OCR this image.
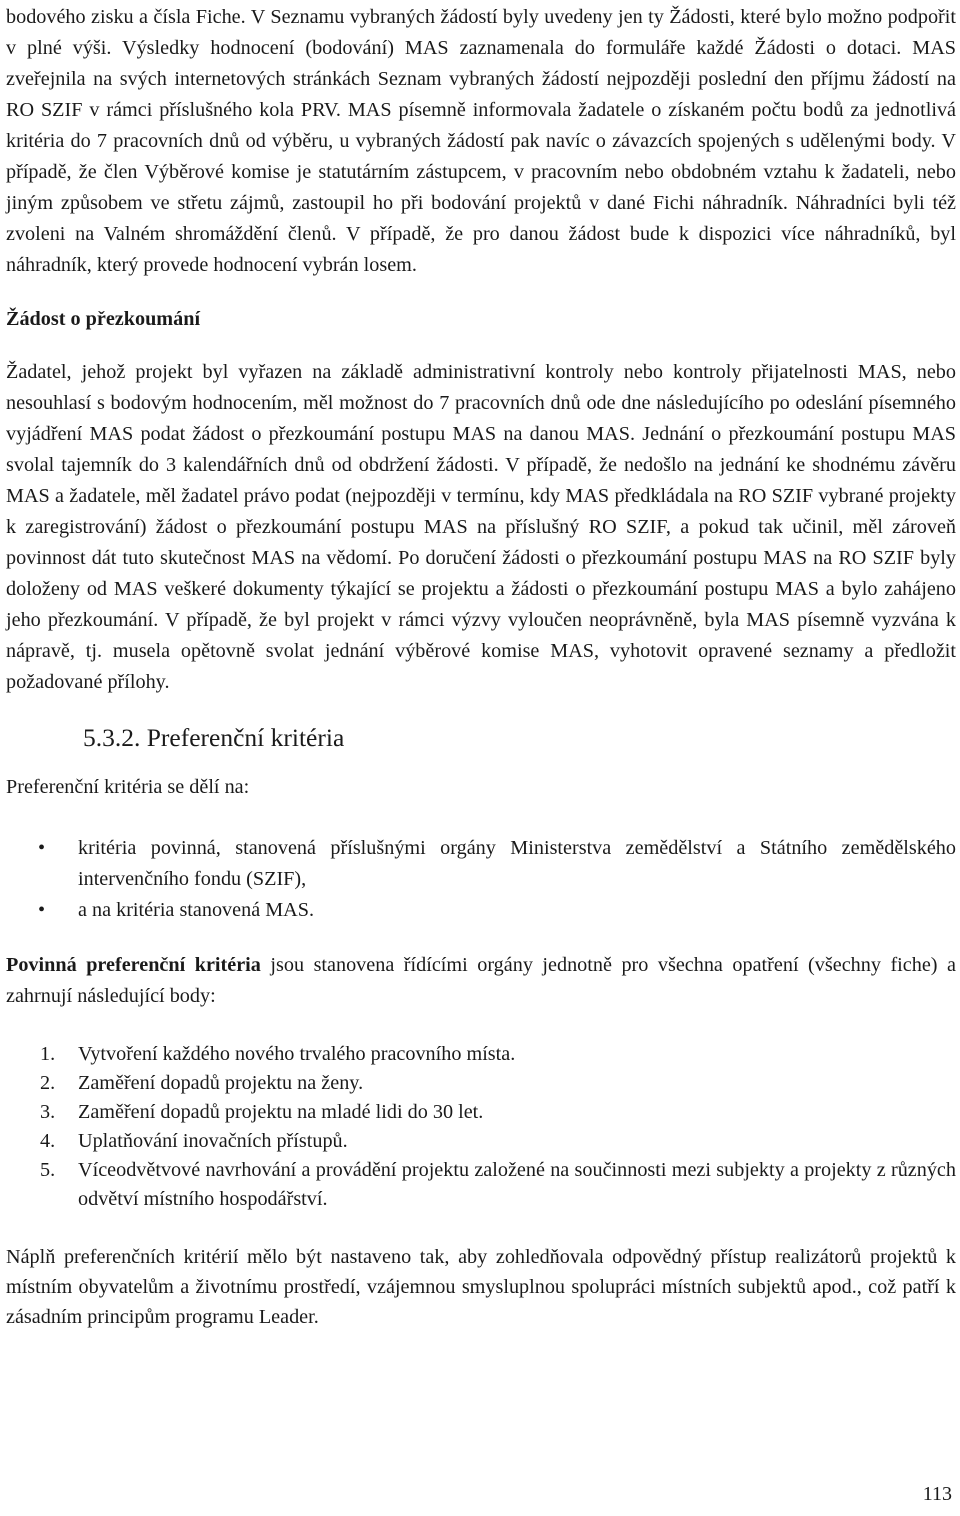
bodového zisku a čísla Fiche. V Seznamu vybraných žádostí byly uvedeny jen ty Žádosti, které bylo možno podpořit v plné výši. Výsledky hodnocení (bodování) MAS zaznamenala do formuláře každé Žádosti o dotaci. MAS zveřejnila na svých internetových stránkách Seznam vybraných žádostí nejpozději poslední den příjmu žádostí na RO SZIF v rámci příslušného kola PRV. MAS písemně informovala žadatele o získaném počtu bodů za jednotlivá kritéria do 7 pracovních dnů od výběru, u vybraných žádostí pak navíc o závazcích spojených s udělenými body. V případě, že člen Výběrové komise je statutárním zástupcem, v pracovním nebo obdobném vztahu k žadateli, nebo jiným způsobem ve střetu zájmů, zastoupil ho při bodování projektů v dané Fichi náhradník. Náhradníci byli též zvoleni na Valném shromáždění členů. V případě, že pro danou žádost bude k dispozici více náhradníků, byl náhradník, který provede hodnocení vybrán losem.

Žádost o přezkoumání

Žadatel, jehož projekt byl vyřazen na základě administrativní kontroly nebo kontroly přijatelnosti MAS, nebo nesouhlasí s bodovým hodnocením, měl možnost do 7 pracovních dnů ode dne následujícího po odeslání písemného vyjádření MAS podat žádost o přezkoumání postupu MAS na danou MAS. Jednání o přezkoumání postupu MAS svolal tajemník do 3 kalendářních dnů od obdržení žádosti. V případě, že nedošlo na jednání ke shodnému závěru MAS a žadatele, měl žadatel právo podat (nejpozději v termínu, kdy MAS předkládala na RO SZIF vybrané projekty k zaregistrování) žádost o přezkoumání postupu MAS na příslušný RO SZIF, a pokud tak učinil, měl zároveň povinnost dát tuto skutečnost MAS na vědomí. Po doručení žádosti o přezkoumání postupu MAS na RO SZIF byly doloženy od MAS veškeré dokumenty týkající se projektu a žádosti o přezkoumání postupu MAS a bylo zahájeno jeho přezkoumání. V případě, že byl projekt v rámci výzvy vyloučen neoprávněně, byla MAS písemně vyzvána k nápravě, tj. musela opětovně svolat jednání výběrové komise MAS, vyhotovit opravené seznamy a předložit požadované přílohy.

5.3.2. Preferenční kritéria

Preferenční kritéria se dělí na:

• kritéria povinná, stanovená příslušnými orgány Ministerstva zemědělství a Státního zemědělského intervenčního fondu (SZIF),
• a na kritéria stanovená MAS.

Povinná preferenční kritéria jsou stanovena řídícími orgány jednotně pro všechna opatření (všechny fiche) a zahrnují následující body:

1. Vytvoření každého nového trvalého pracovního místa.
2. Zaměření dopadů projektu na ženy.
3. Zaměření dopadů projektu na mladé lidi do 30 let.
4. Uplatňování inovačních přístupů.
5. Víceodvětvové navrhování a provádění projektu založené na součinnosti mezi subjekty a projekty z různých odvětví místního hospodářství.

Náplň preferenčních kritérií mělo být nastaveno tak, aby zohledňovala odpovědný přístup realizátorů projektů k místním obyvatelům a životnímu prostředí, vzájemnou smysluplnou spolupráci místních subjektů apod., což patří k zásadním principům programu Leader.

113
